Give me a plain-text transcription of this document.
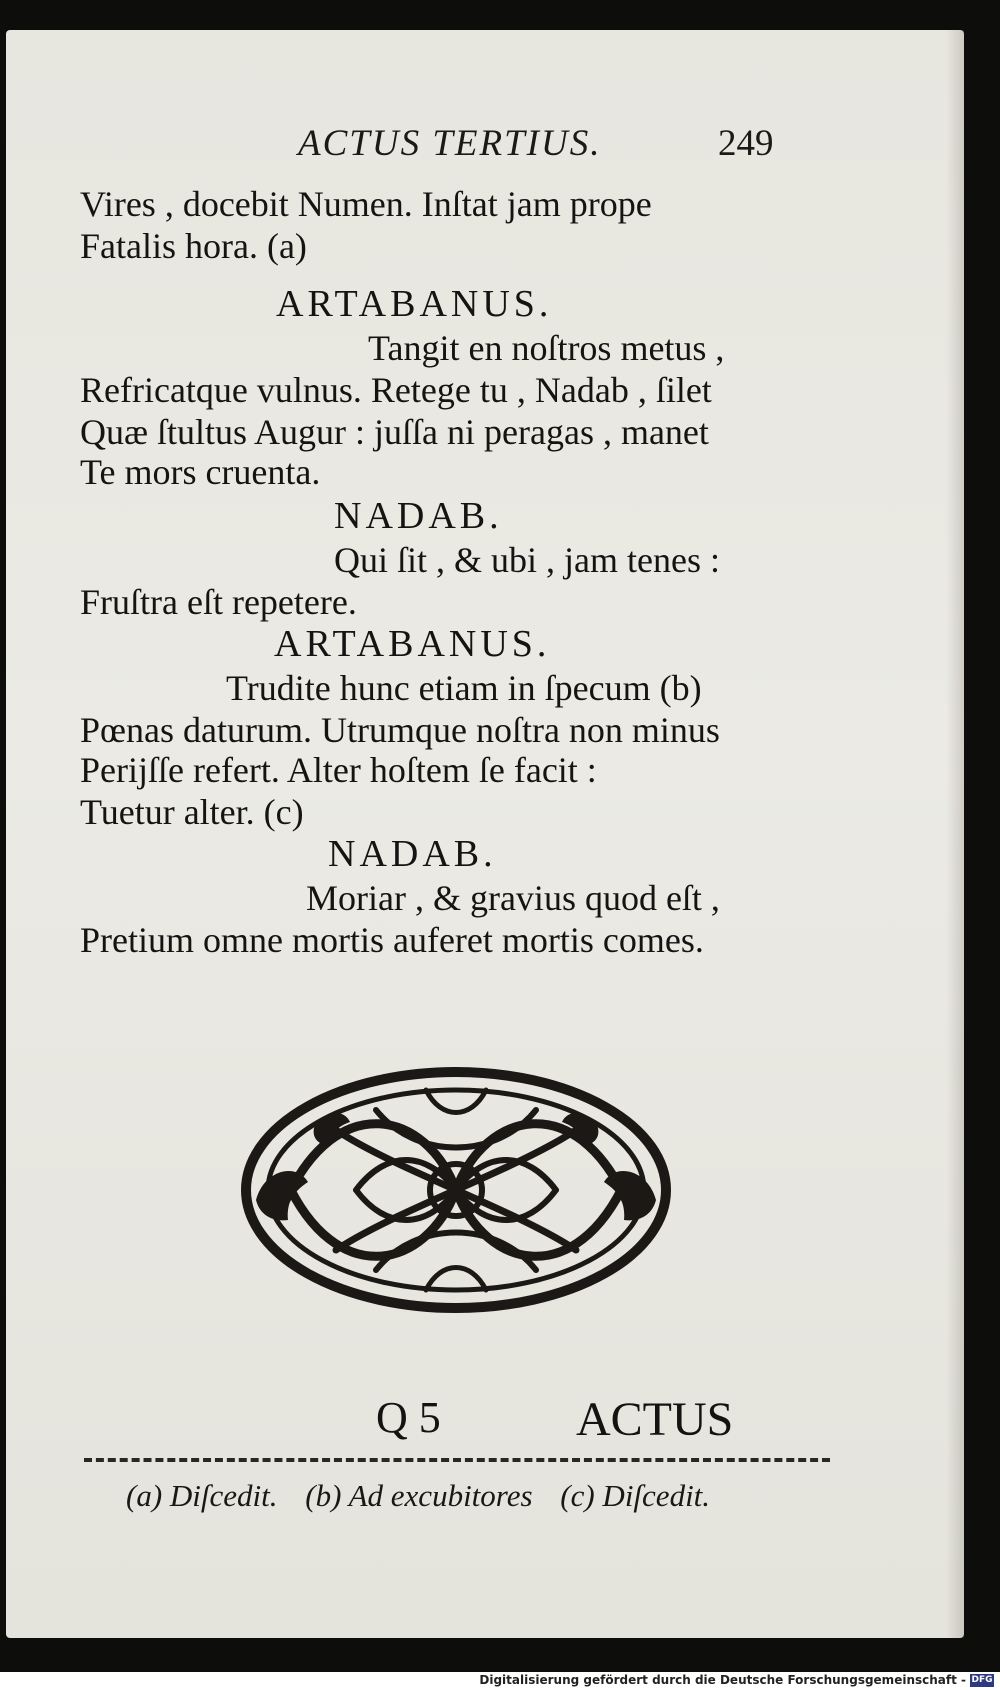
ACTUS TERTIUS.	249
Vires , docebit Numen. Inſtat jam prope
Fatalis hora. (a)
ARTABANUS.
Tangit en noſtros metus ,
Refricatque vulnus. Retege tu , Nadab , ſilet
Quæ ſtultus Augur : juſſa ni peragas , manet
Te mors cruenta.
NADAB.
Qui ſit , & ubi , jam tenes :
Fruſtra eſt repetere.
ARTABANUS.
Trudite hunc etiam in ſpecum (b)
Pœnas daturum. Utrumque noſtra non minus
Perijſſe refert. Alter hoſtem ſe facit :
Tuetur alter. (c)
NADAB.
Moriar , & gravius quod eſt ,
Pretium omne mortis auferet mortis comes.
Q 5	ACTUS
(a) Diſcedit. (b) Ad excubitores (c) Diſcedit.
Digitalisierung gefördert durch die Deutsche Forschungsgemeinschaft - DFG
